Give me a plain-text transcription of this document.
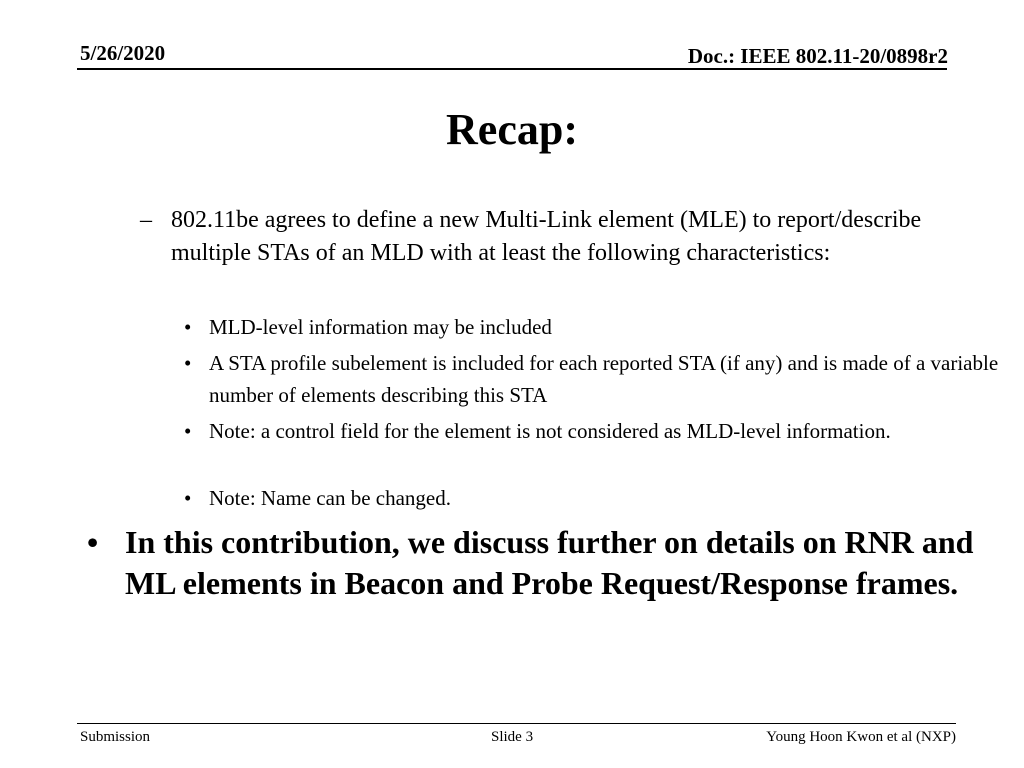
5/26/2020	Doc.: IEEE 802.11-20/0898r2
Recap:
– 802.11be agrees to define a new Multi-Link element (MLE) to report/describe multiple STAs of an MLD with at least the following characteristics:
• MLD-level information may be included
• A STA profile subelement is included for each reported STA (if any) and is made of a variable number of elements describing this STA
• Note: a control field for the element is not considered as MLD-level information.
• Note: Name can be changed.
• In this contribution, we discuss further on details on RNR and ML elements in Beacon and Probe Request/Response frames.
Submission	Slide 3	Young Hoon Kwon et al (NXP)
